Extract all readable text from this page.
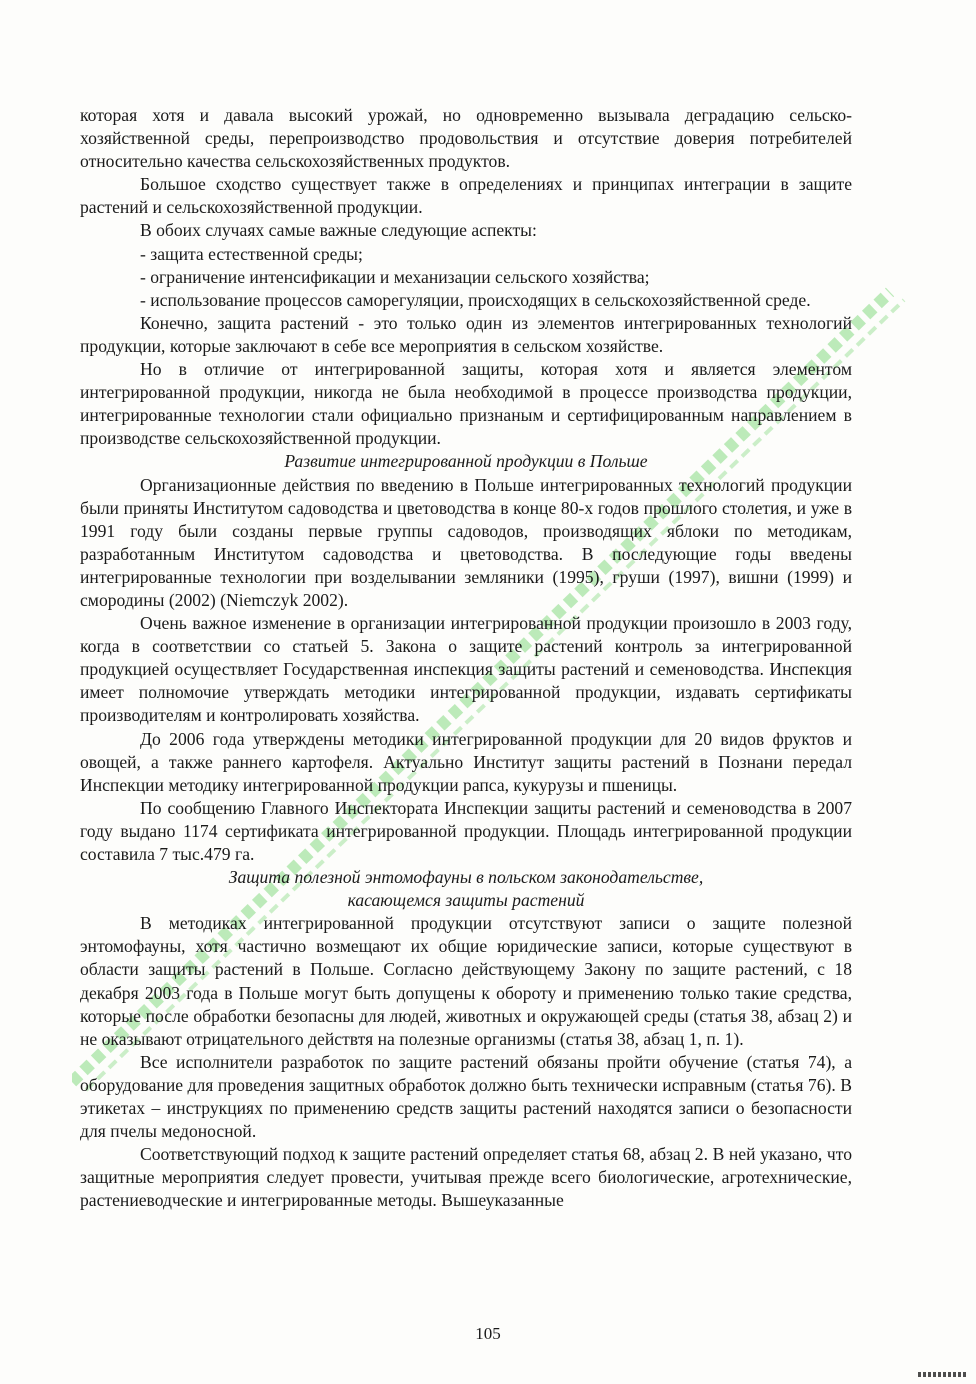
которая хотя и давала высокий урожай, но одновременно вызывала деградацию сельско-хозяйственной среды, перепроизводство продовольствия и отсутствие доверия потребителей относительно качества сельскохозяйственных продуктов.

Большое сходство существует также в определениях и принципах интеграции в защите растений и сельскохозяйственной продукции.

В обоих случаях самые важные следующие аспекты:

- защита естественной среды;

- ограничение интенсификации и механизации сельского хозяйства;

- использование процессов саморегуляции, происходящих в сельскохозяйственной среде.

Конечно, защита растений - это только один из элементов интегрированных технологий продукции, которые заключают в себе все мероприятия в сельском хозяйстве.

Но в отличие от интегрированной защиты, которая хотя и является элементом интегрированной продукции, никогда не была необходимой в процессе производства продукции, интегрированные технологии стали официально признаным и сертифицированным направлением в производстве сельскохозяйственной продукции.

Развитие интегрированной продукции в Польше

Организационные действия по введению в Польше интегрированных технологий продукции были приняты Институтом садоводства и цветоводства в конце 80-х годов прошлого столетия, и уже в 1991 году были созданы первые группы садоводов, производящих яблоки по методикам, разработанным Институтом садоводства и цветоводства. В последующие годы введены интегрированные технологии при возделывании земляники (1995), груши (1997), вишни (1999) и смородины (2002) (Niemczyk 2002).

Очень важное изменение в организации интегрированной продукции произошло в 2003 году, когда в соответствии со статьей 5. Закона о защите растений контроль за интегрированной продукцией осуществляет Государственная инспекция защиты растений и семеноводства. Инспекция имеет полномочие утверждать методики интегрированной продукции, издавать сертификаты производителям и контролировать хозяйства.

До 2006 года утверждены методики интегрированной продукции для 20 видов фруктов и овощей, а также раннего картофеля. Актуально Институт защиты растений в Познани передал Инспекции методику интегрированной продукции рапса, кукурузы и пшеницы.

По сообщению Главного Инспектората Инспекции защиты растений и семеноводства в 2007 году выдано 1174 сертификата интегрированной продукции. Площадь интегрированной продукции составила 7 тыс.479 га.

Защита полезной энтомофауны в польском законодательстве,

касающемся защиты растений

В методиках интегрированной продукции отсутствуют записи о защите полезной энтомофауны, хотя частично возмещают их общие юридические записи, которые существуют в области защиты растений в Польше. Согласно действующему Закону по защите растений, с 18 декабря 2003 года в Польше могут быть допущены к обороту и применению только такие средства, которые после обработки безопасны для людей, животных и окружающей среды (статья 38, абзац 2) и не оказывают отрицательного действтя на полезные организмы (статья 38, абзац 1, п. 1).

Все исполнители разработок по защите растений обязаны пройти обучение (статья 74), а оборудование для проведения защитных обработок должно быть технически исправным (статья 76). В этикетах – инструкциях по применению средств защиты растений находятся записи о безопасности для пчелы медоносной.

Соответствующий подход к защите растений определяет статья 68, абзац 2. В ней указано, что защитные мероприятия следует провести, учитывая прежде всего биологические, агротехнические, растениеводческие и интегрированные методы. Вышеуказанные

105
